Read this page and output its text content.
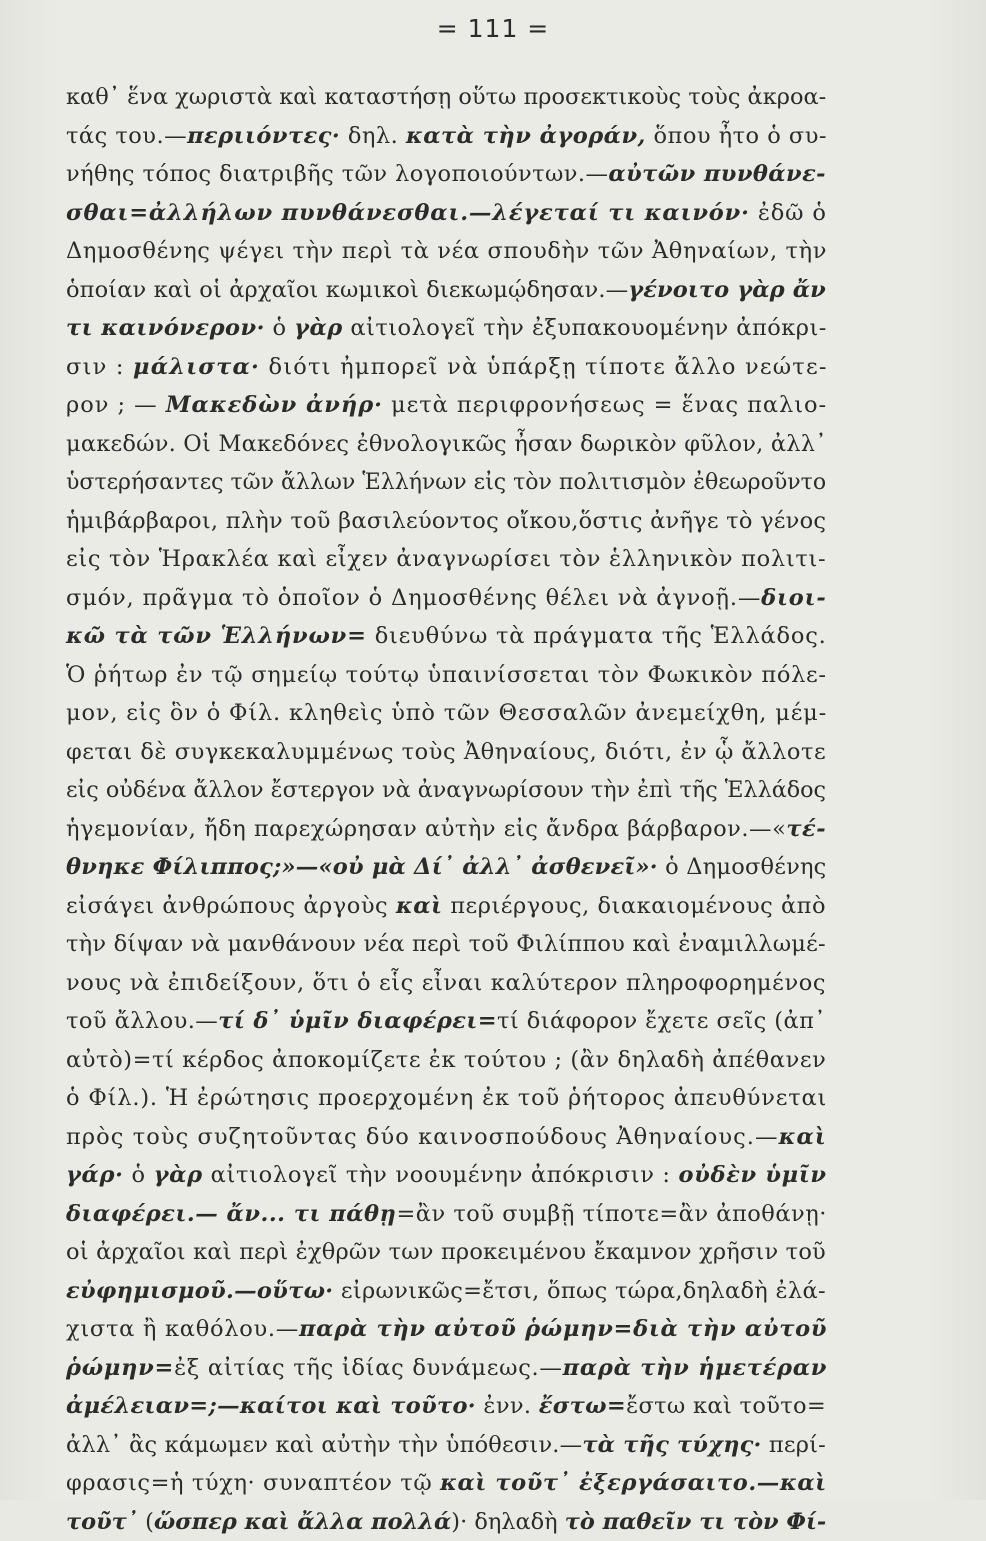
= 111 =
καθ᾽ ἕνα χωριστὰ καὶ καταστήσῃ οὕτω προσεκτικοὺς τοὺς ἀκροα-
τάς του.—περιιόντες· δηλ. κατὰ τὴν ἀγοράν, ὅπου ἦτο ὁ συ-
νήθης τόπος διατριβῆς τῶν λογοποιούντων.—αὐτῶν πυνθάνε-
σθαι=ἀλλήλων πυνθάνεσθαι.—λέγεταί τι καινόν· ἐδῶ ὁ
Δημοσθένης ψέγει τὴν περὶ τὰ νέα σπουδὴν τῶν Ἀθηναίων, τὴν
ὁποίαν καὶ οἱ ἀρχαῖοι κωμικοὶ διεκωμῴδησαν.—γένοιτο γὰρ ἄν
τι καινόνερον· ὁ γὰρ αἰτιολογεῖ τὴν ἐξυπακουομένην ἀπόκρι-
σιν : μάλιστα· διότι ἠμπορεῖ νὰ ὑπάρξῃ τίποτε ἄλλο νεώτε-
ρον ; — Μακεδὼν ἀνήρ· μετὰ περιφρονήσεως = ἕνας παλιο-
μακεδών. Οἱ Μακεδόνες ἐθνολογικῶς ἦσαν δωρικὸν φῦλον, ἀλλ᾽
ὑστερήσαντες τῶν ἄλλων Ἑλλήνων εἰς τὸν πολιτισμὸν ἐθεωροῦντο
ἡμιβάρβαροι, πλὴν τοῦ βασιλεύοντος οἴκου,ὅστις ἀνῆγε τὸ γένος
εἰς τὸν Ἡρακλέα καὶ εἶχεν ἀναγνωρίσει τὸν ἑλληνικὸν πολιτι-
σμόν, πρᾶγμα τὸ ὁποῖον ὁ Δημοσθένης θέλει νὰ ἀγνοῇ.—διοι-
κῶ τὰ τῶν Ἑλλήνων= διευθύνω τὰ πράγματα τῆς Ἑλλάδος.
Ὁ ῥήτωρ ἐν τῷ σημείῳ τούτῳ ὑπαινίσσεται τὸν Φωκικὸν πόλε-
μον, εἰς ὃν ὁ Φίλ. κληθεὶς ὑπὸ τῶν Θεσσαλῶν ἀνεμείχθη, μέμ-
φεται δὲ συγκεκαλυμμένως τοὺς Ἀθηναίους, διότι, ἐν ᾧ ἄλλοτε
εἰς οὐδένα ἄλλον ἔστεργον νὰ ἀναγνωρίσουν τὴν ἐπὶ τῆς Ἑλλάδος
ἡγεμονίαν, ἤδη παρεχώρησαν αὐτὴν εἰς ἄνδρα βάρβαρον.—«τέ-
θνηκε Φίλιππος;»—«οὐ μὰ Δί᾽ ἀλλ᾽ ἀσθενεῖ»· ὁ Δημοσθένης
εἰσάγει ἀνθρώπους ἀργοὺς καὶ περιέργους, διακαιομένους ἀπὸ
τὴν δίψαν νὰ μανθάνουν νέα περὶ τοῦ Φιλίππου καὶ ἐναμιλλωμέ-
νους νὰ ἐπιδείξουν, ὅτι ὁ εἷς εἶναι καλύτερον πληροφορημένος
τοῦ ἄλλου.—τί δ᾽ ὑμῖν διαφέρει=τί διάφορον ἔχετε σεῖς (ἀπ᾽
αὐτὸ)=τί κέρδος ἀποκομίζετε ἐκ τούτου ; (ἂν δηλαδὴ ἀπέθανεν
ὁ Φίλ.). Ἡ ἐρώτησις προερχομένη ἐκ τοῦ ῥήτορος ἀπευθύνεται
πρὸς τοὺς συζητοῦντας δύο καινοσπούδους Ἀθηναίους.—καὶ
γάρ· ὁ γὰρ αἰτιολογεῖ τὴν νοουμένην ἀπόκρισιν : οὐδὲν ὑμῖν
διαφέρει.— ἄν... τι πάθῃ=ἂν τοῦ συμβῇ τίποτε=ἂν ἀποθάνῃ·
οἱ ἀρχαῖοι καὶ περὶ ἐχθρῶν των προκειμένου ἔκαμνον χρῆσιν τοῦ
εὐφημισμοῦ.—οὕτω· εἰρωνικῶς=ἔτσι, ὅπως τώρα,δηλαδὴ ἐλά-
χιστα ἢ καθόλου.—παρὰ τὴν αὐτοῦ ῥώμην=διὰ τὴν αὐτοῦ
ῥώμην=ἐξ αἰτίας τῆς ἰδίας δυνάμεως.—παρὰ τὴν ἡμετέραν
ἀμέλειαν=;—καίτοι καὶ τοῦτο· ἐνν. ἔστω=ἔστω καὶ τοῦτο=
ἀλλ᾽ ἂς κάμωμεν καὶ αὐτὴν τὴν ὑπόθεσιν.—τὰ τῆς τύχης· περί-
φρασις=ἡ τύχη· συναπτέον τῷ καὶ τοῦτ᾽ ἐξεργάσαιτο.—καὶ
τοῦτ᾽ (ὥσπερ καὶ ἄλλα πολλά)· δηλαδὴ τὸ παθεῖν τι τὸν Φί-
